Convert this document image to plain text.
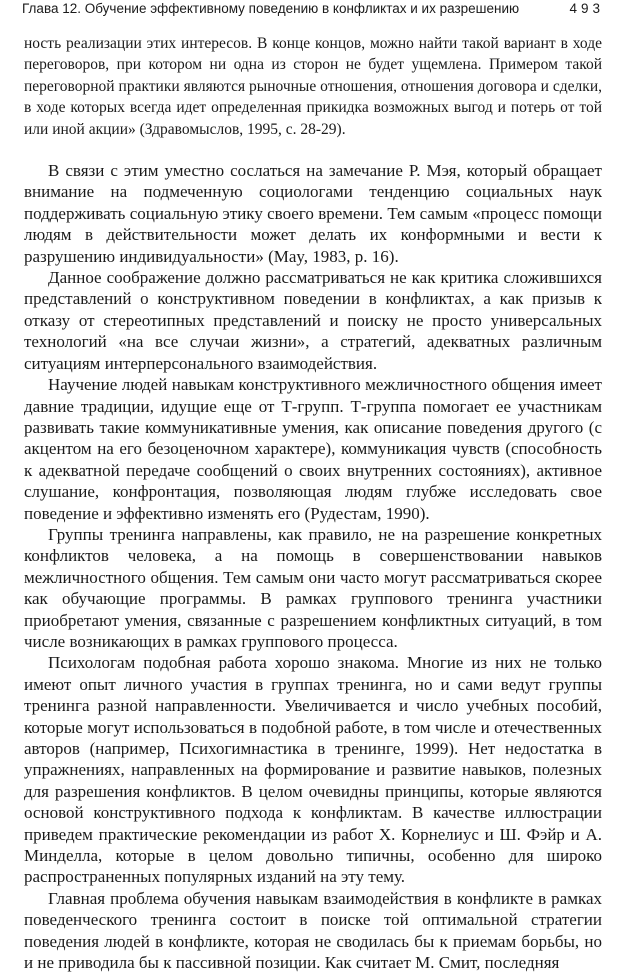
Глава 12. Обучение эффективному поведению в конфликтах и их разрешению	493

ность реализации этих интересов. В конце концов, можно найти такой вариант в ходе переговоров, при котором ни одна из сторон не будет ущемлена. Примером такой переговорной практики являются рыночные отношения, отношения договора и сделки, в ходе которых всегда идет определенная прикидка возможных выгод и потерь от той или иной акции» (Здравомыслов, 1995, с. 28-29).

В связи с этим уместно сослаться на замечание Р. Мэя, который обращает внимание на подмеченную социологами тенденцию социальных наук поддерживать социальную этику своего времени. Тем самым «процесс помощи людям в действительности может делать их конформными и вести к разрушению индивидуальности» (May, 1983, p. 16).

Данное соображение должно рассматриваться не как критика сложившихся представлений о конструктивном поведении в конфликтах, а как призыв к отказу от стереотипных представлений и поиску не просто универсальных технологий «на все случаи жизни», а стратегий, адекватных различным ситуациям интерперсонального взаимодействия.

Научение людей навыкам конструктивного межличностного общения имеет давние традиции, идущие еще от Т-групп. Т-группа помогает ее участникам развивать такие коммуникативные умения, как описание поведения другого (с акцентом на его безоценочном характере), коммуникация чувств (способность к адекватной передаче сообщений о своих внутренних состояниях), активное слушание, конфронтация, позволяющая людям глубже исследовать свое поведение и эффективно изменять его (Рудестам, 1990).

Группы тренинга направлены, как правило, не на разрешение конкретных конфликтов человека, а на помощь в совершенствовании навыков межличностного общения. Тем самым они часто могут рассматриваться скорее как обучающие программы. В рамках группового тренинга участники приобретают умения, связанные с разрешением конфликтных ситуаций, в том числе возникающих в рамках группового процесса.

Психологам подобная работа хорошо знакома. Многие из них не только имеют опыт личного участия в группах тренинга, но и сами ведут группы тренинга разной направленности. Увеличивается и число учебных пособий, которые могут использоваться в подобной работе, в том числе и отечественных авторов (например, Психогимнастика в тренинге, 1999). Нет недостатка в упражнениях, направленных на формирование и развитие навыков, полезных для разрешения конфликтов. В целом очевидны принципы, которые являются основой конструктивного подхода к конфликтам. В качестве иллюстрации приведем практические рекомендации из работ Х. Корнелиус и Ш. Фэйр и А. Минделла, которые в целом довольно типичны, особенно для широко распространенных популярных изданий на эту тему.

Главная проблема обучения навыкам взаимодействия в конфликте в рамках поведенческого тренинга состоит в поиске той оптимальной стратегии поведения людей в конфликте, которая не сводилась бы к приемам борьбы, но и не приводила бы к пассивной позиции. Как считает М. Смит, последняя
